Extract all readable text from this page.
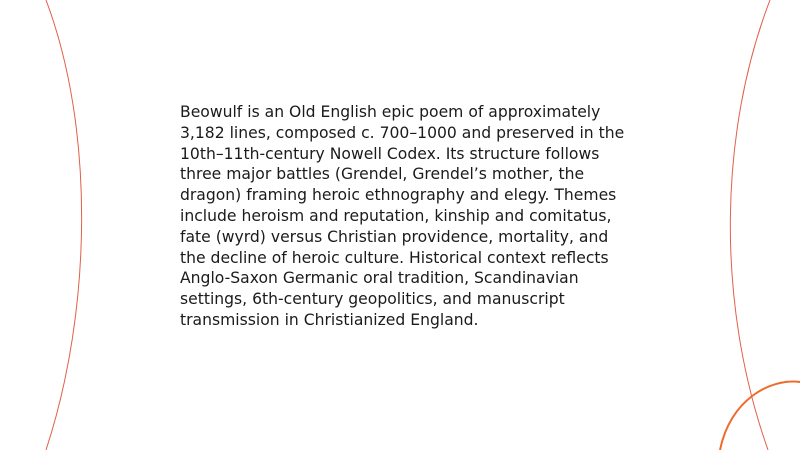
Beowulf is an Old English epic poem of approximately 3,182 lines, composed c. 700–1000 and preserved in the 10th–11th-century Nowell Codex. Its structure follows three major battles (Grendel, Grendel’s mother, the dragon) framing heroic ethnography and elegy. Themes include heroism and reputation, kinship and comitatus, fate (wyrd) versus Christian providence, mortality, and the decline of heroic culture. Historical context reflects Anglo-Saxon Germanic oral tradition, Scandinavian settings, 6th-century geopolitics, and manuscript transmission in Christianized England.
